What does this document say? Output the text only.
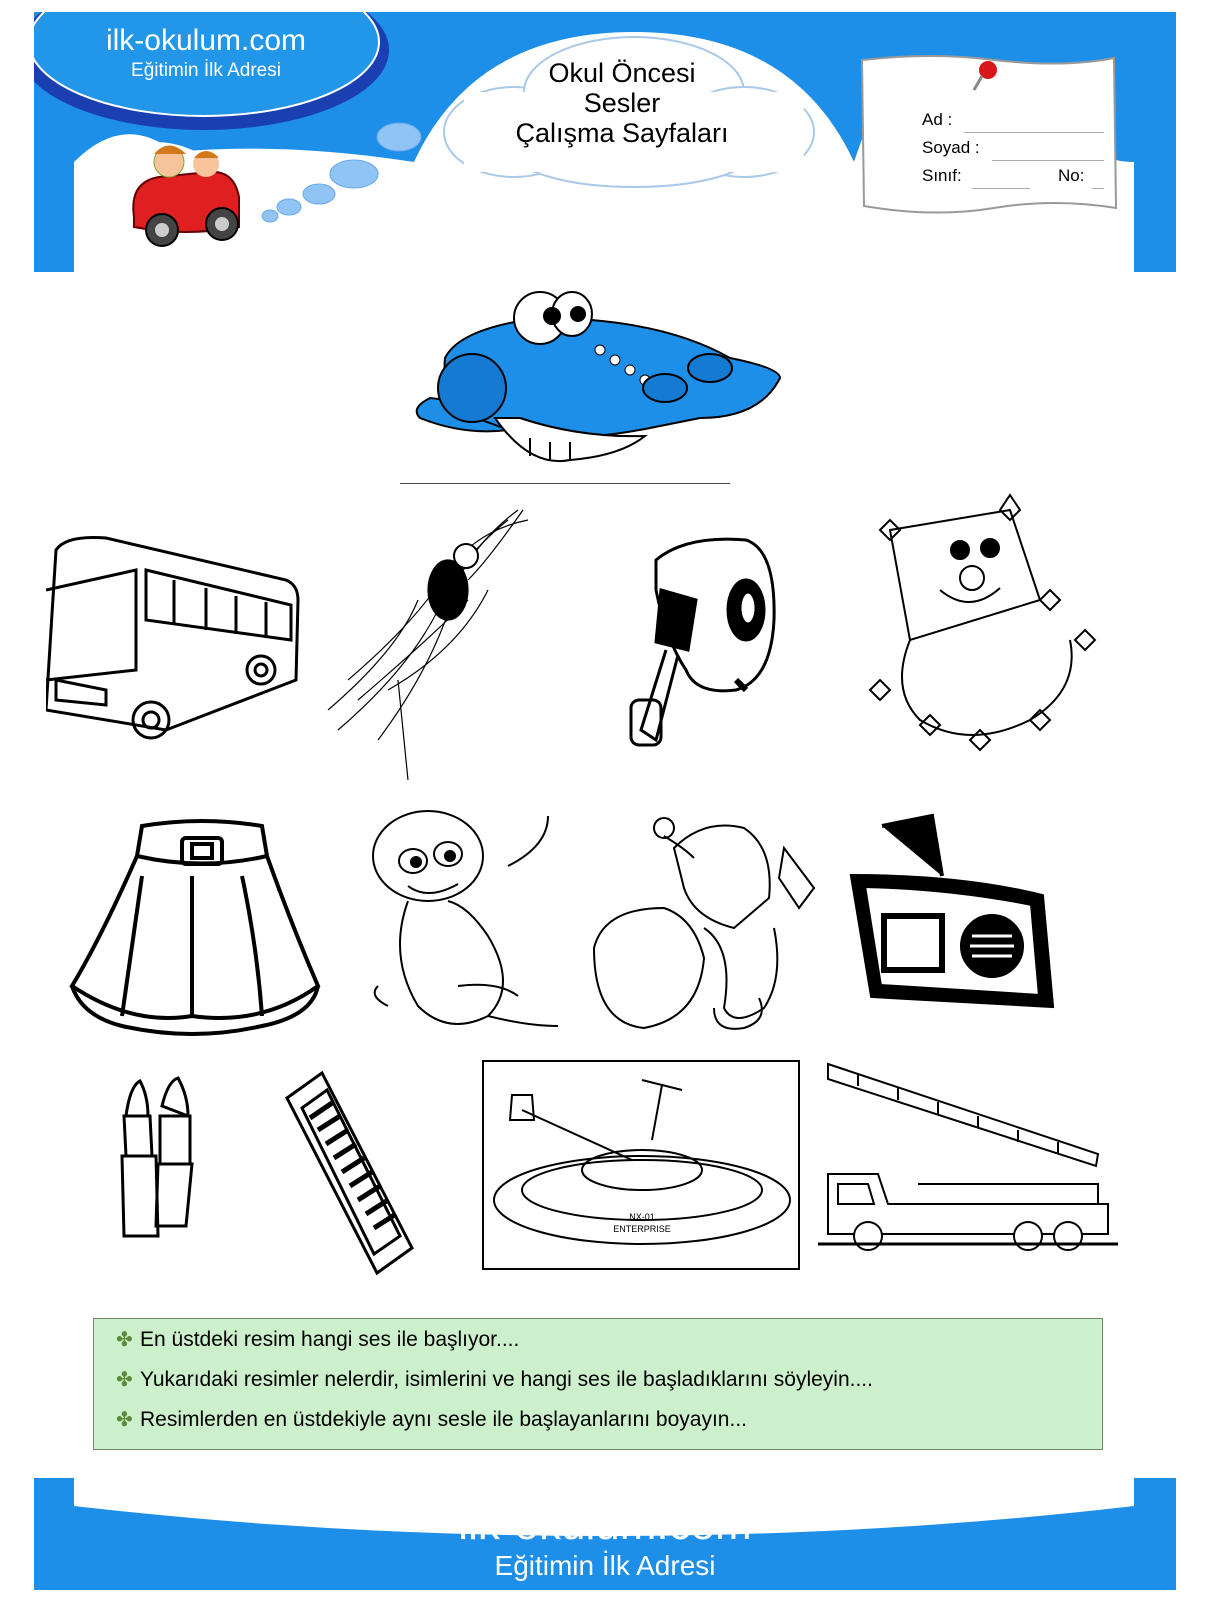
ilk-okulum.com
Eğitimin İlk Adresi	Okul Öncesi
Sesler
Çalışma Sayfaları	Ad :
Soyad :
Sınıf:	No:
NX-01
ENTERPRISE
✤ En üstdeki resim hangi ses ile başlıyor....
✤ Yukarıdaki resimler nelerdir, isimlerini ve hangi ses ile başladıklarını söyleyin....
✤ Resimlerden en üstdekiyle aynı sesle ile başlayanlarını boyayın...
ilk-okulum.com
Eğitimin İlk Adresi
